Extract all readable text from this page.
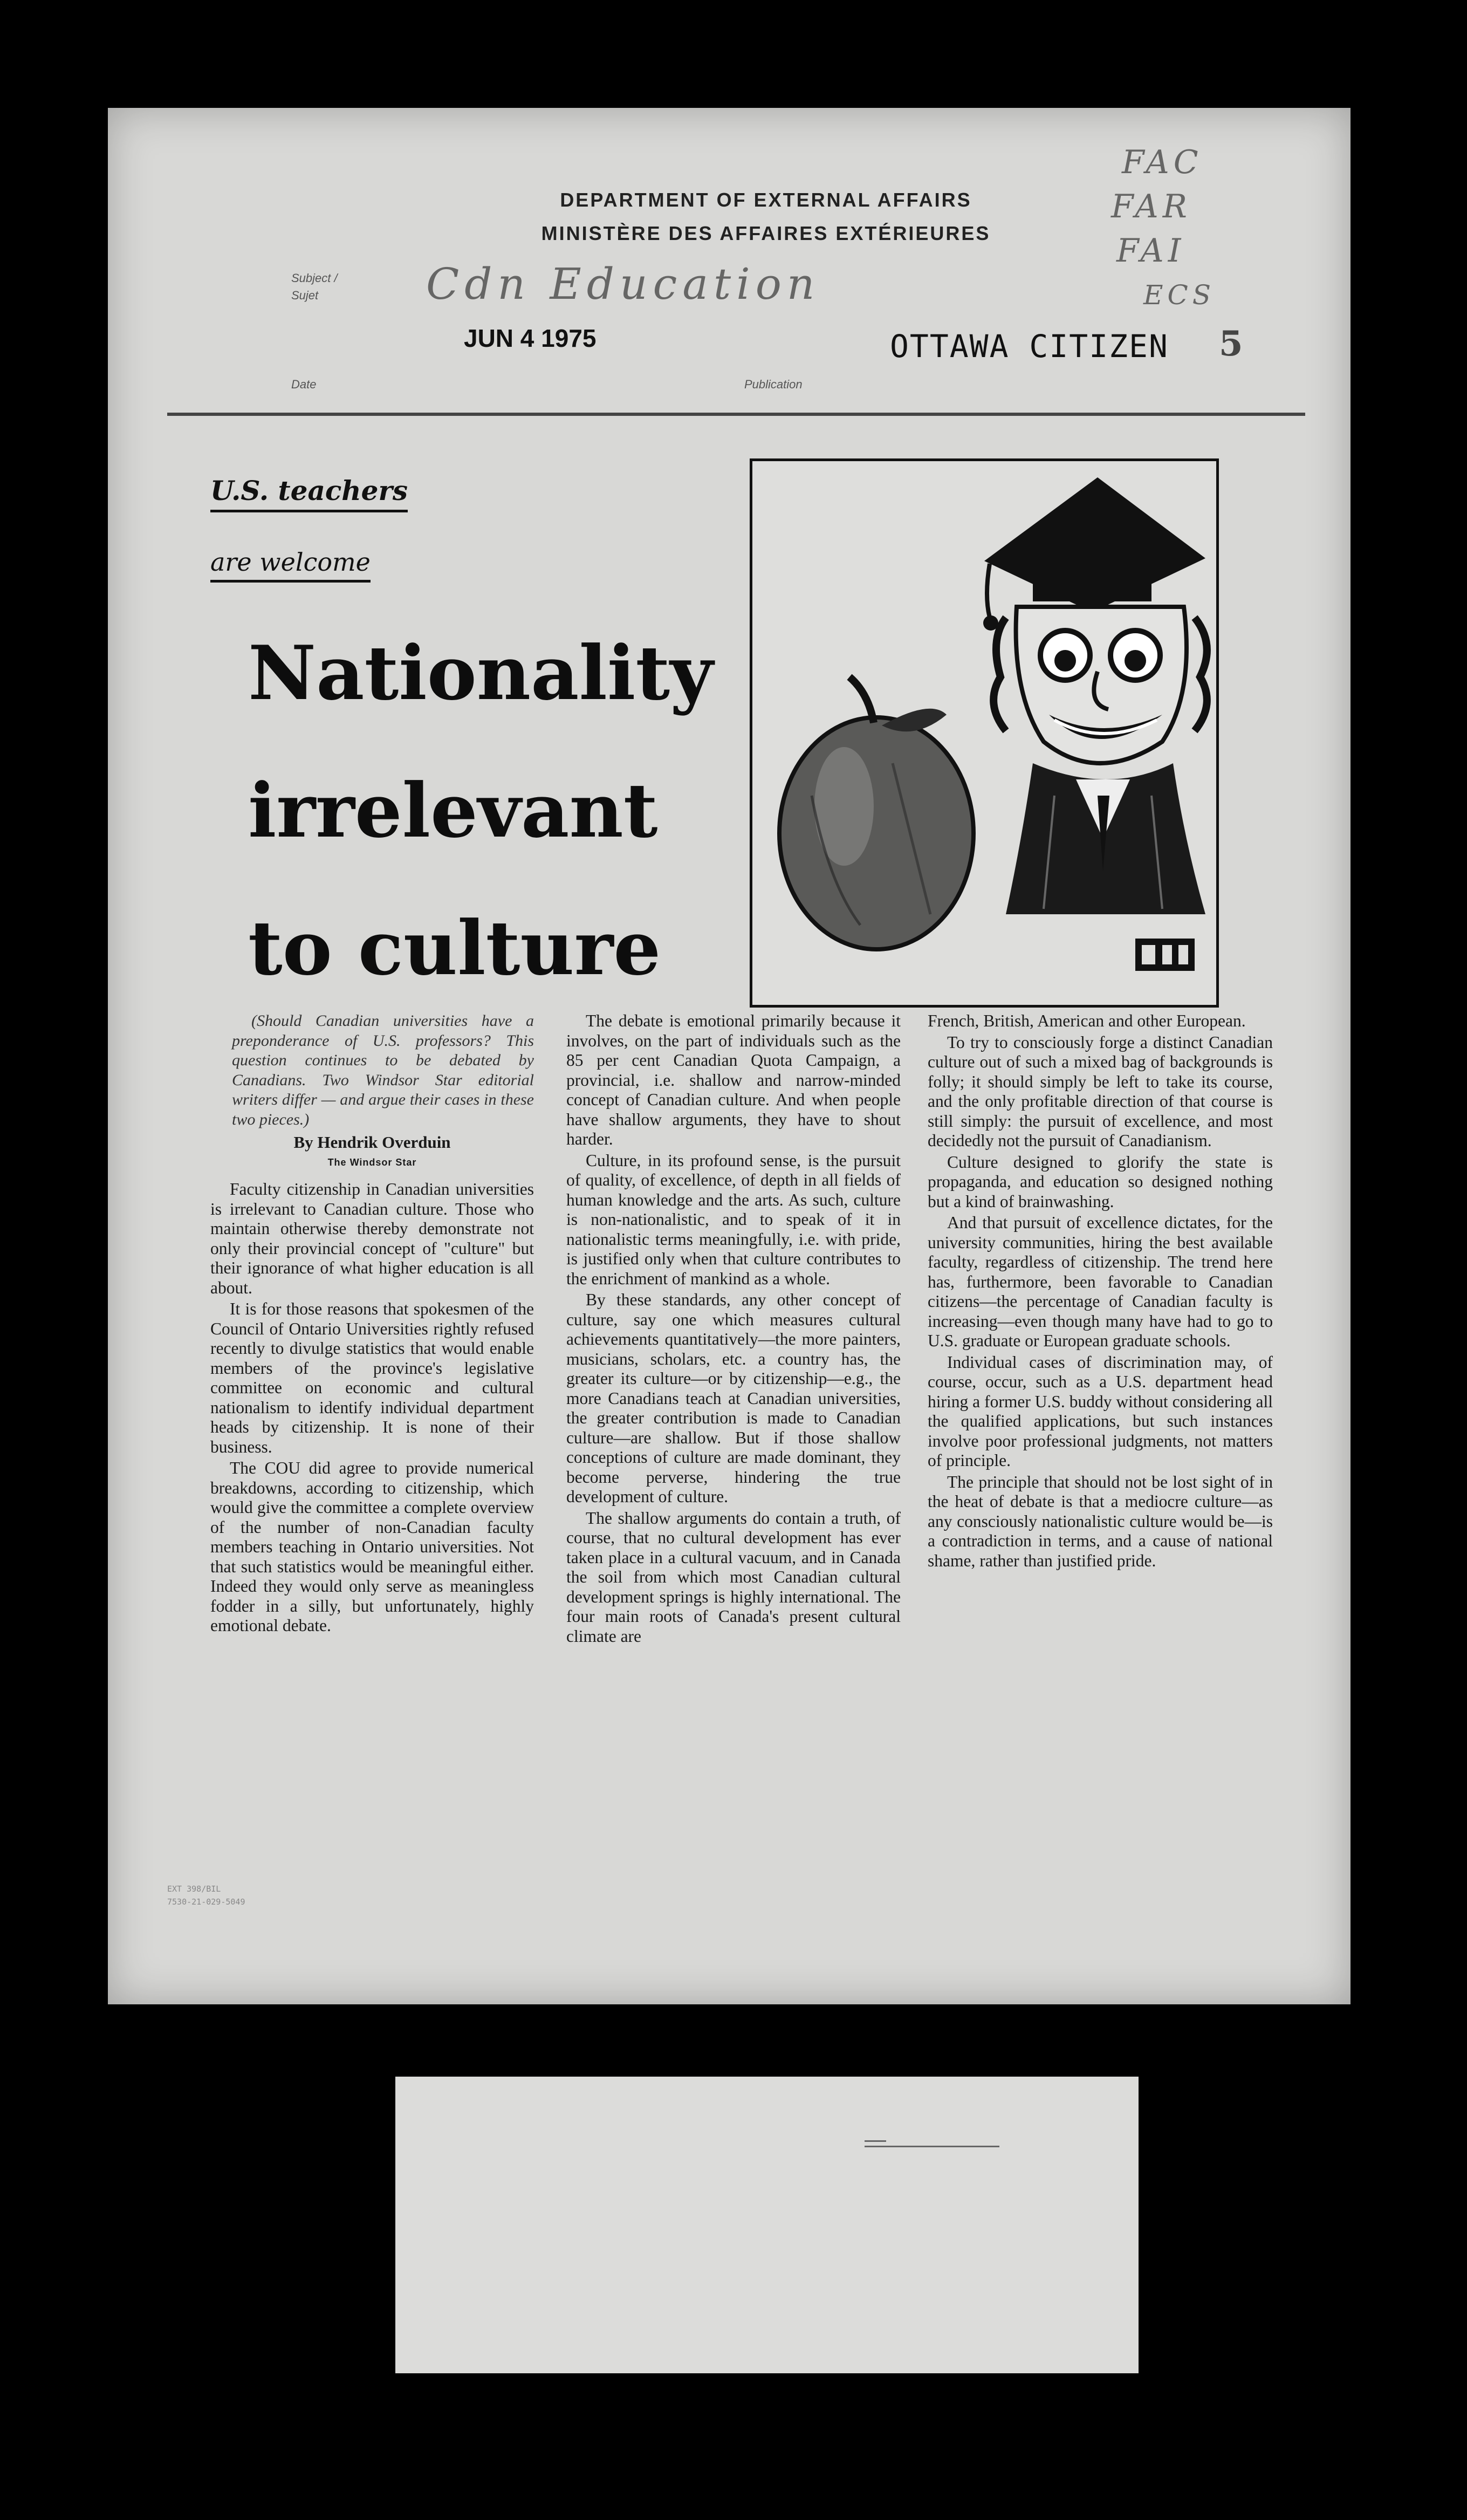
DEPARTMENT OF EXTERNAL AFFAIRS
MINISTÈRE DES AFFAIRES EXTÉRIEURES
FAC
FAR
FAI
ECS
Subject / Sujet	Cdn Education
JUN 4 1975	OTTAWA CITIZEN 5
Date	Publication
U.S. teachers
are welcome
Nationality
irrelevant
to culture

(Should Canadian universities have a preponderance of U.S. professors? This question continues to be debated by Canadians. Two Windsor Star editorial writers differ — and argue their cases in these two pieces.)

By Hendrik Overduin
The Windsor Star

Faculty citizenship in Canadian universities is irrelevant to Canadian culture. Those who maintain otherwise thereby demonstrate not only their provincial concept of "culture" but their ignorance of what higher education is all about.

It is for those reasons that spokesmen of the Council of Ontario Universities rightly refused recently to divulge statistics that would enable members of the province's legislative committee on economic and cultural nationalism to identify individual department heads by citizenship. It is none of their business.

The COU did agree to provide numerical breakdowns, according to citizenship, which would give the committee a complete overview of the number of non-Canadian faculty members teaching in Ontario universities. Not that such statistics would be meaningful either. Indeed they would only serve as meaningless fodder in a silly, but unfortunately, highly emotional debate.

The debate is emotional primarily because it involves, on the part of individuals such as the 85 per cent Canadian Quota Campaign, a provincial, i.e. shallow and narrow-minded concept of Canadian culture. And when people have shallow arguments, they have to shout harder.

Culture, in its profound sense, is the pursuit of quality, of excellence, of depth in all fields of human knowledge and the arts. As such, culture is non-nationalistic, and to speak of it in nationalistic terms meaningfully, i.e. with pride, is justified only when that culture contributes to the enrichment of mankind as a whole.

By these standards, any other concept of culture, say one which measures cultural achievements quantitatively—the more painters, musicians, scholars, etc. a country has, the greater its culture—or by citizenship—e.g., the more Canadians teach at Canadian universities, the greater contribution is made to Canadian culture—are shallow. But if those shallow conceptions of culture are made dominant, they become perverse, hindering the true development of culture.

The shallow arguments do contain a truth, of course, that no cultural development has ever taken place in a cultural vacuum, and in Canada the soil from which most Canadian cultural development springs is highly international. The four main roots of Canada's present cultural climate are

French, British, American and other European.

To try to consciously forge a distinct Canadian culture out of such a mixed bag of backgrounds is folly; it should simply be left to take its course, and the only profitable direction of that course is still simply: the pursuit of excellence, and most decidedly not the pursuit of Canadianism.

Culture designed to glorify the state is propaganda, and education so designed nothing but a kind of brainwashing.

And that pursuit of excellence dictates, for the university communities, hiring the best available faculty, regardless of citizenship. The trend here has, furthermore, been favorable to Canadian citizens—the percentage of Canadian faculty is increasing—even though many have had to go to U.S. graduate or European graduate schools.

Individual cases of discrimination may, of course, occur, such as a U.S. department head hiring a former U.S. buddy without considering all the qualified applications, but such instances involve poor professional judgments, not matters of principle.

The principle that should not be lost sight of in the heat of debate is that a mediocre culture—as any consciously nationalistic culture would be—is a contradiction in terms, and a cause of national shame, rather than justified pride.

EXT 398/BIL
7530-21-029-5049
